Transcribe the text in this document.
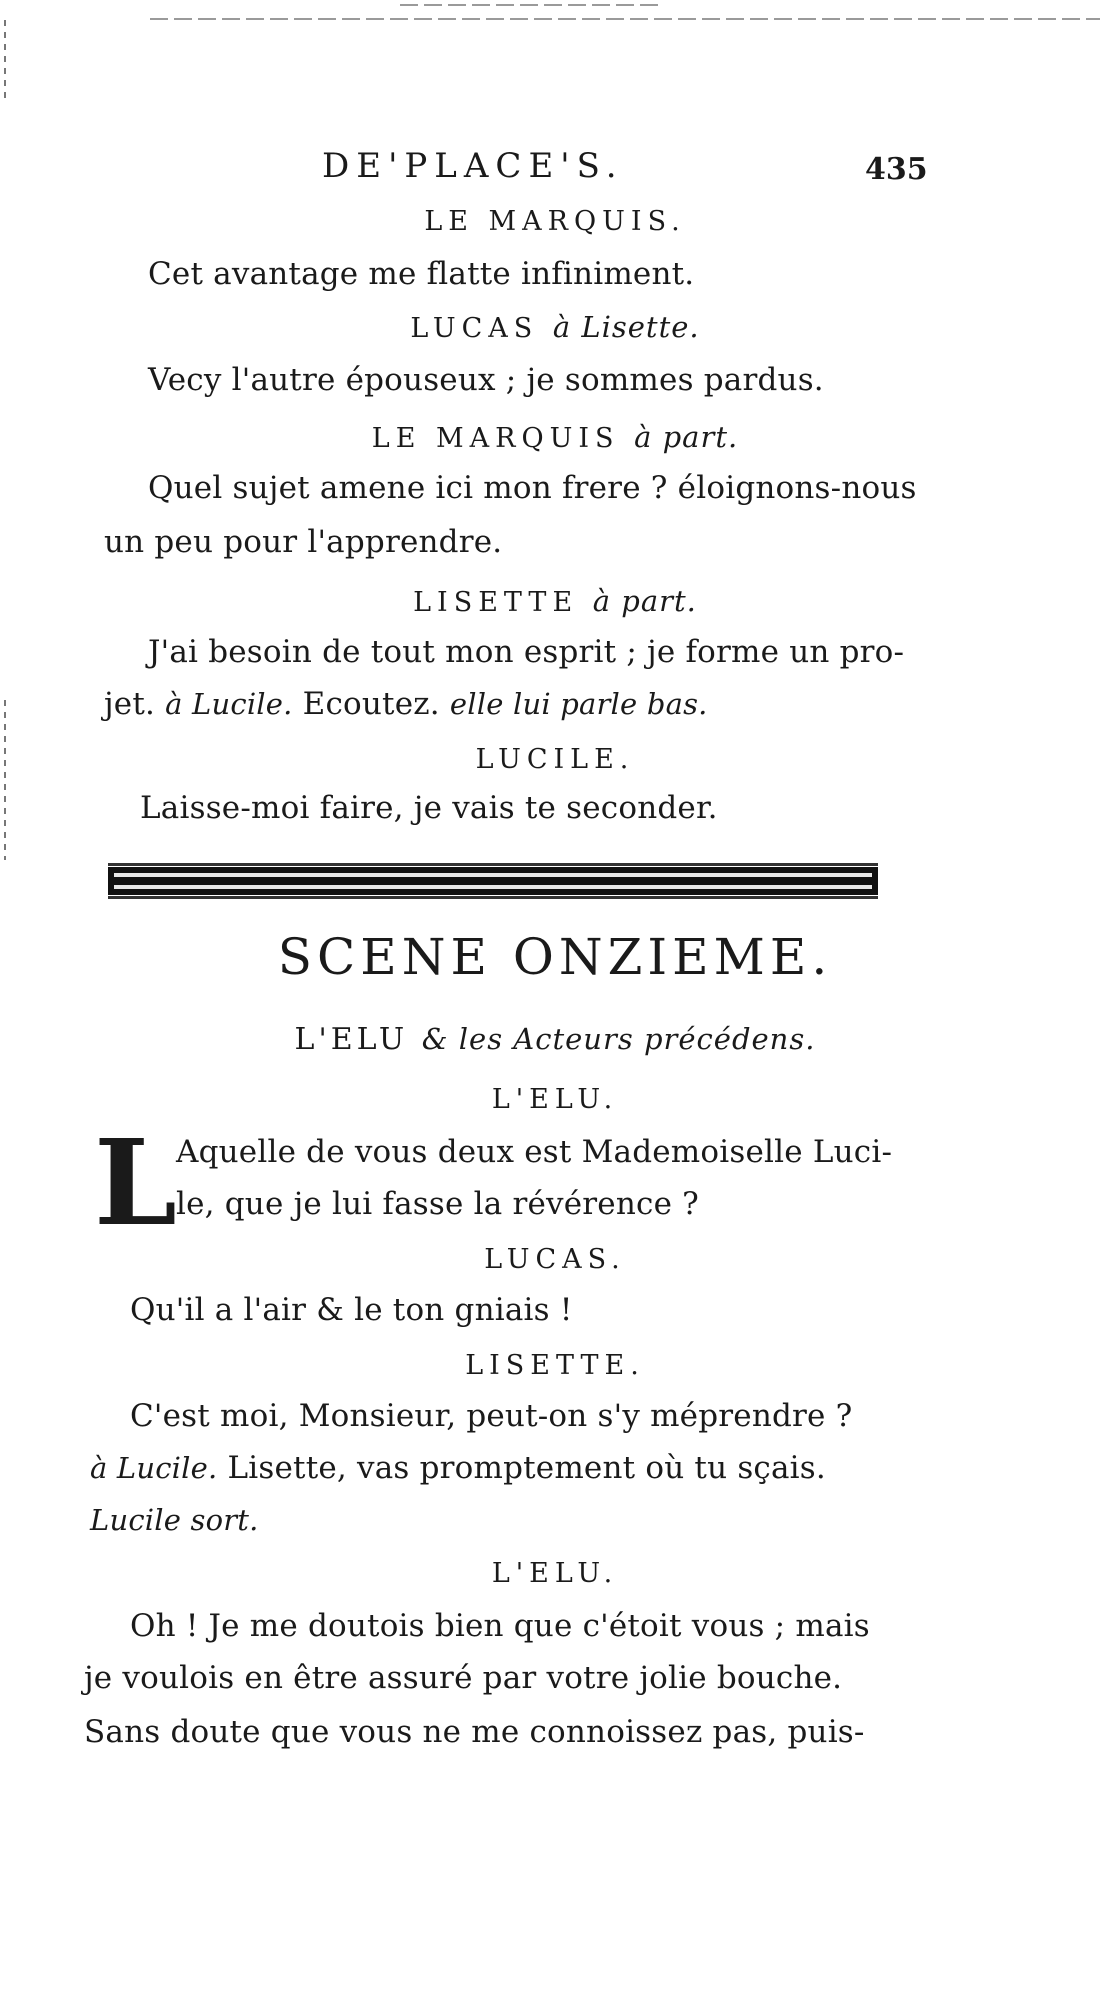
DE'PLACE'S.	435
LE MARQUIS.
Cet avantage me flatte infiniment.
LUCAS à Lisette.
Vecy l'autre épouseux ; je sommes pardus.
LE MARQUIS à part.
Quel sujet amene ici mon frere ? éloignons-nous
un peu pour l'apprendre.
LISETTE à part.
J'ai besoin de tout mon esprit ; je forme un pro-
jet. à Lucile. Ecoutez. elle lui parle bas.
LUCILE.
Laisse-moi faire, je vais te seconder.
SCENE ONZIEME.
L'ELU & les Acteurs précédens.
L'ELU.
L Aquelle de vous deux est Mademoiselle Luci-
le, que je lui fasse la révérence ?
LUCAS.
Qu'il a l'air & le ton gniais !
LISETTE.
C'est moi, Monsieur, peut-on s'y méprendre ?
à Lucile. Lisette, vas promptement où tu sçais.
Lucile sort.
L'ELU.
Oh ! Je me doutois bien que c'étoit vous ; mais
je voulois en être assuré par votre jolie bouche.
Sans doute que vous ne me connoissez pas, puis-
